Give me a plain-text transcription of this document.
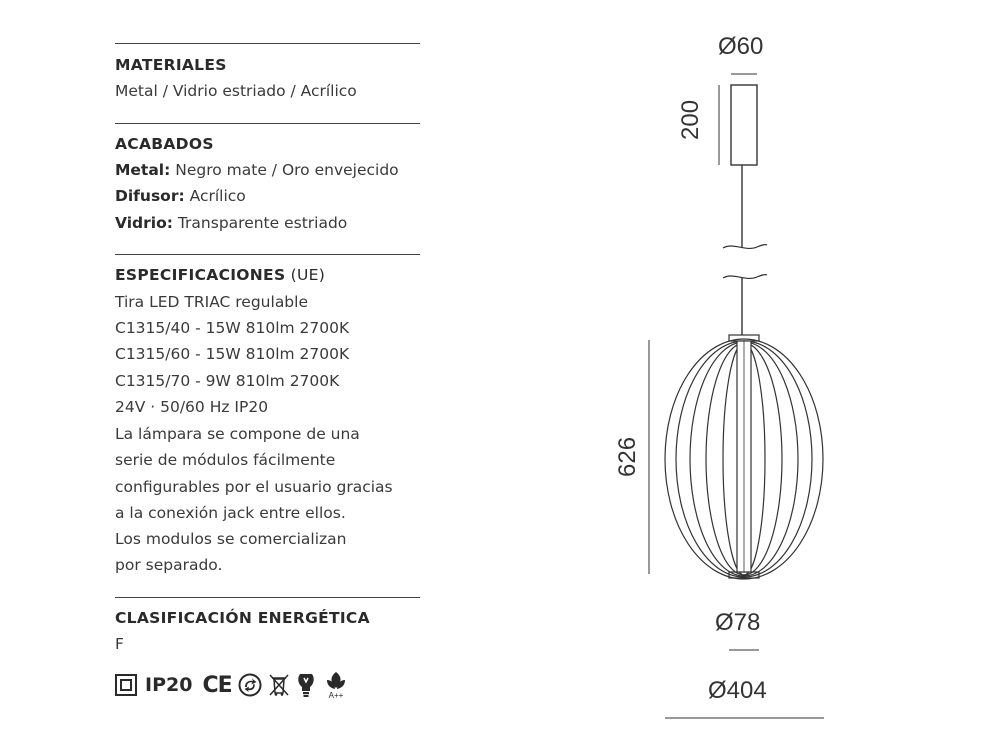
MATERIALES
Metal / Vidrio estriado / Acrílico
ACABADOS
Metal: Negro mate / Oro envejecido
Difusor: Acrílico
Vidrio: Transparente estriado
ESPECIFICACIONES (UE)
Tira LED TRIAC regulable
C1315/40 - 15W 810lm 2700K
C1315/60 - 15W 810lm 2700K
C1315/70 - 9W 810lm 2700K
24V · 50/60 Hz IP20
La lámpara se compone de una
serie de módulos fácilmente
configurables por el usuario gracias
a la conexión jack entre ellos.
Los modulos se comercializan
por separado.
CLASIFICACIÓN ENERGÉTICA
F
IP20 CE	A++
Ø60
200
626
Ø78
Ø404
